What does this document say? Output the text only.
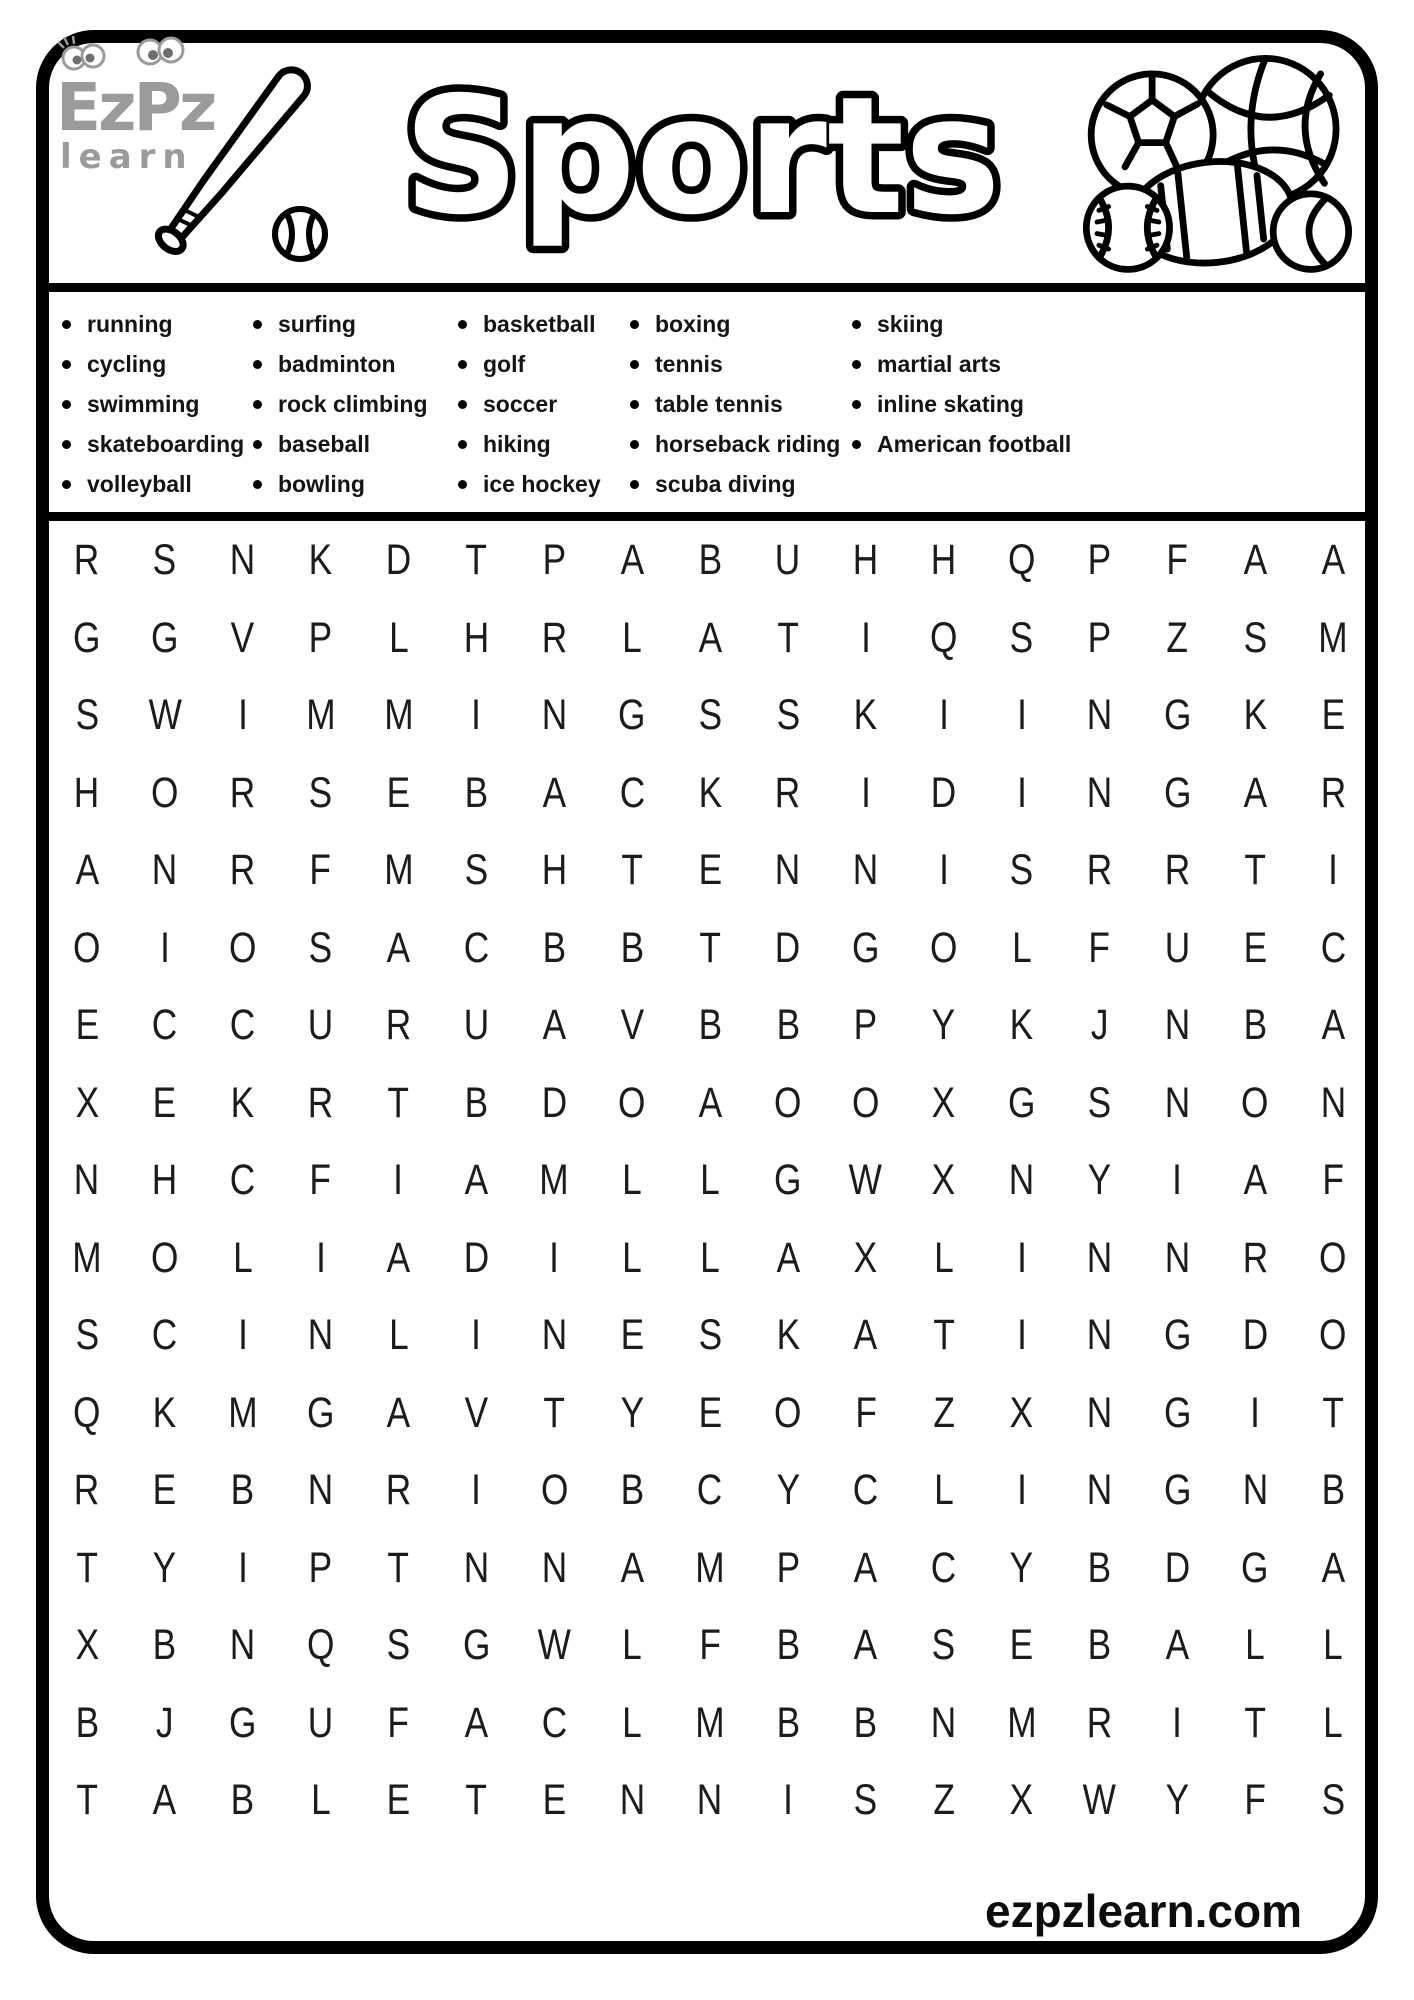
EzPz
learn Sports
running
cycling
swimming
skateboarding
volleyball
surfing
badminton
rock climbing
baseball
bowling
basketball
golf
soccer
hiking
ice hockey
boxing
tennis
table tennis
horseback riding
scuba diving
skiing
martial arts
inline skating
American football
R S N K D T P A B U H H Q P F A A
G G V P L H R L A T I Q S P Z S M
S W I M M I N G S S K I I N G K E
H O R S E B A C K R I D I N G A R
A N R F M S H T E N N I S R R T I
O I O S A C B B T D G O L F U E C
E C C U R U A V B B P Y K J N B A
X E K R T B D O A O O X G S N O N
N H C F I A M L L G W X N Y I A F
M O L I A D I L L A X L I N N R O
S C I N L I N E S K A T I N G D O
Q K M G A V T Y E O F Z X N G I T
R E B N R I O B C Y C L I N G N B
T Y I P T N N A M P A C Y B D G A
X B N Q S G W L F B A S E B A L L
B J G U F A C L M B B N M R I T L
T A B L E T E N N I S Z X W Y F S
ezpzlearn.com
